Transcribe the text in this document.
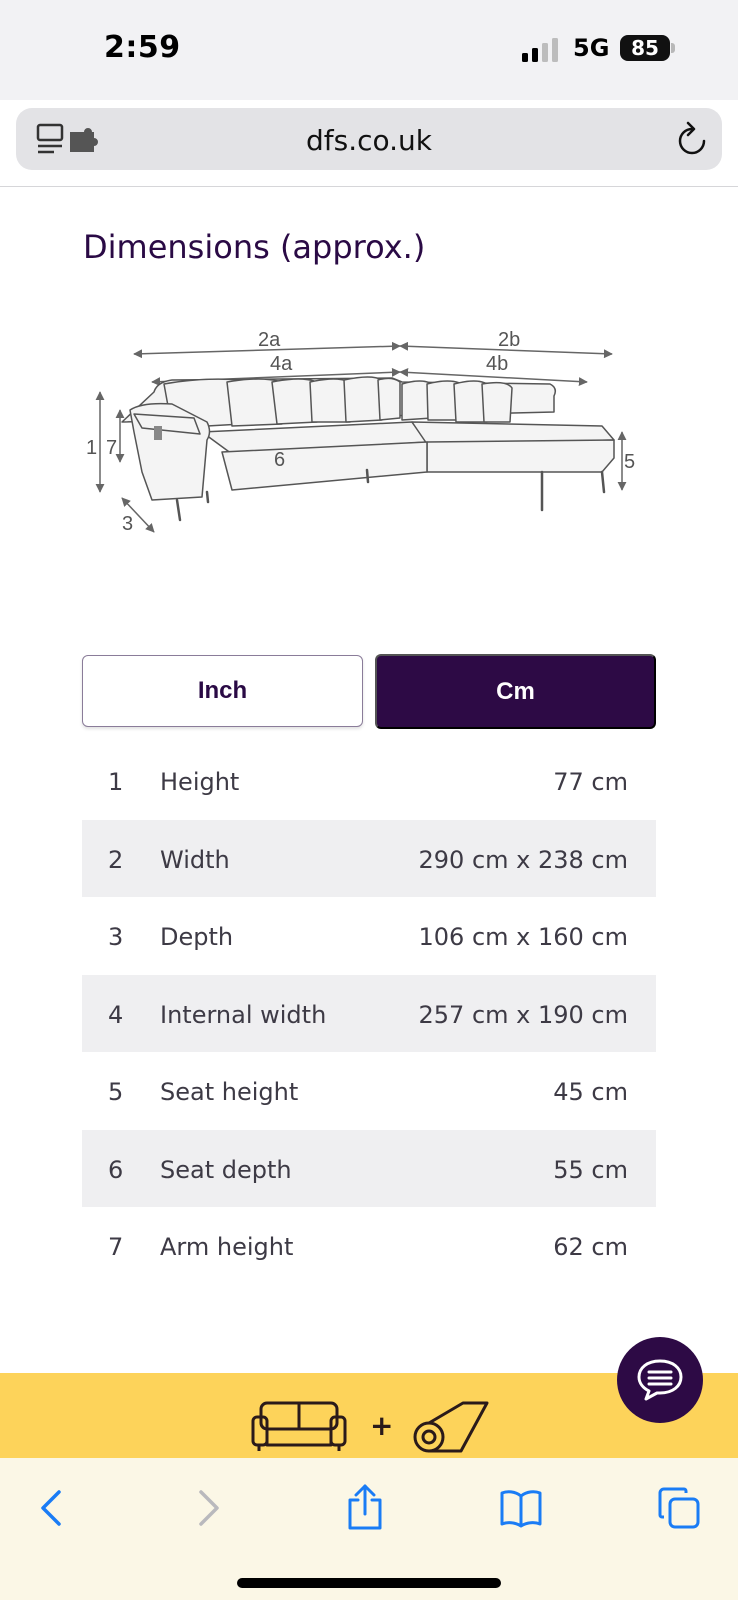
2:59	5G	85
dfs.co.uk
Dimensions (approx.)
2a
4a
2b
4b
1 7
3
6	5
Inch	Cm
1 Height	77 cm
2 Width	290 cm x 238 cm
3 Depth	106 cm x 160 cm
4 Internal width	257 cm x 190 cm
5 Seat height	45 cm
6 Seat depth	55 cm
7 Arm height	62 cm
+
